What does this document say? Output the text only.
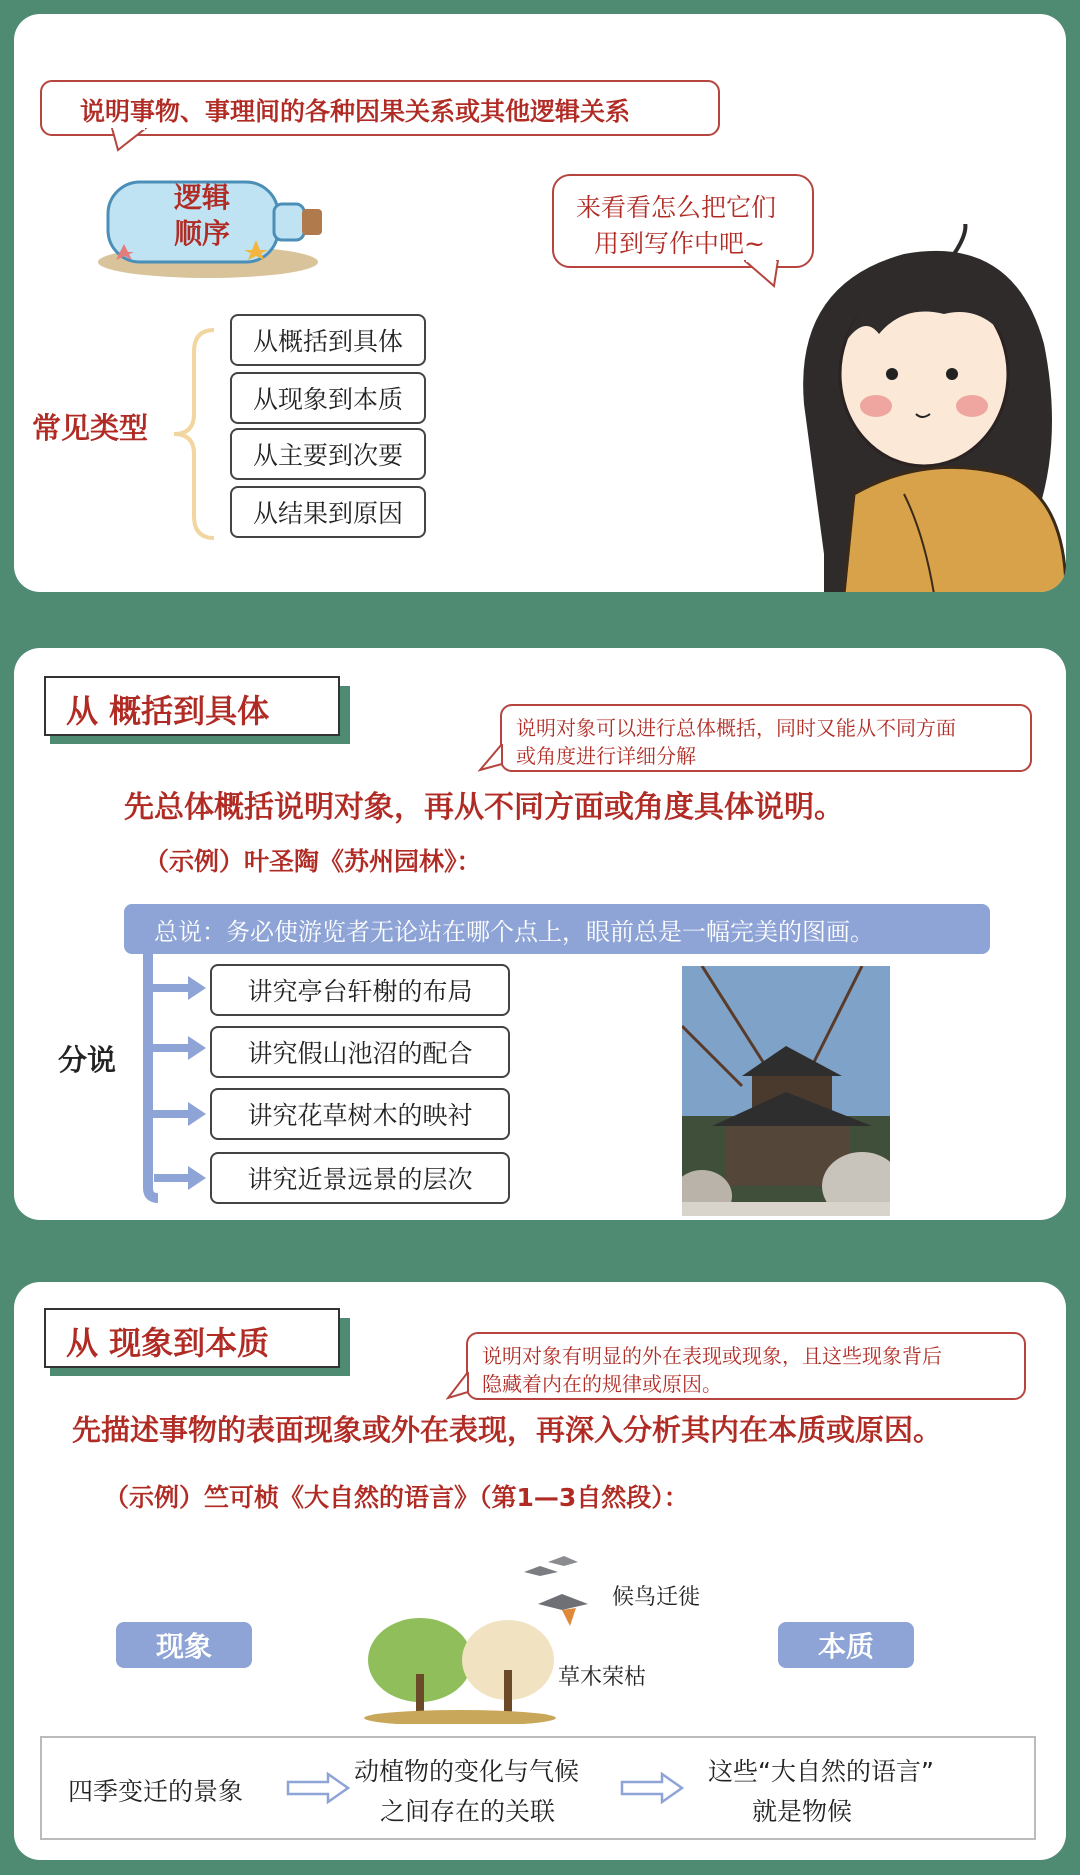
说明事物、事理间的各种因果关系或其他逻辑关系
逻辑
顺序
来看看怎么把它们
用到写作中吧~
常见类型
从概括到具体
从现象到本质
从主要到次要
从结果到原因
从 概括到具体	说明对象可以进行总体概括，同时又能从不同方面
或角度进行详细分解
先总体概括说明对象，再从不同方面或角度具体说明。
（示例）叶圣陶《苏州园林》：
总说：务必使游览者无论站在哪个点上，眼前总是一幅完美的图画。
分说
讲究亭台轩榭的布局
讲究假山池沼的配合
讲究花草树木的映衬
讲究近景远景的层次
从 现象到本质	说明对象有明显的外在表现或现象，且这些现象背后
隐藏着内在的规律或原因。
先描述事物的表面现象或外在表现，再深入分析其内在本质或原因。
（示例）竺可桢《大自然的语言》（第1—3自然段）：
现象	本质
候鸟迁徙
草木荣枯
四季变迁的景象
动植物的变化与气候
之间存在的关联
这些“大自然的语言”
就是物候
